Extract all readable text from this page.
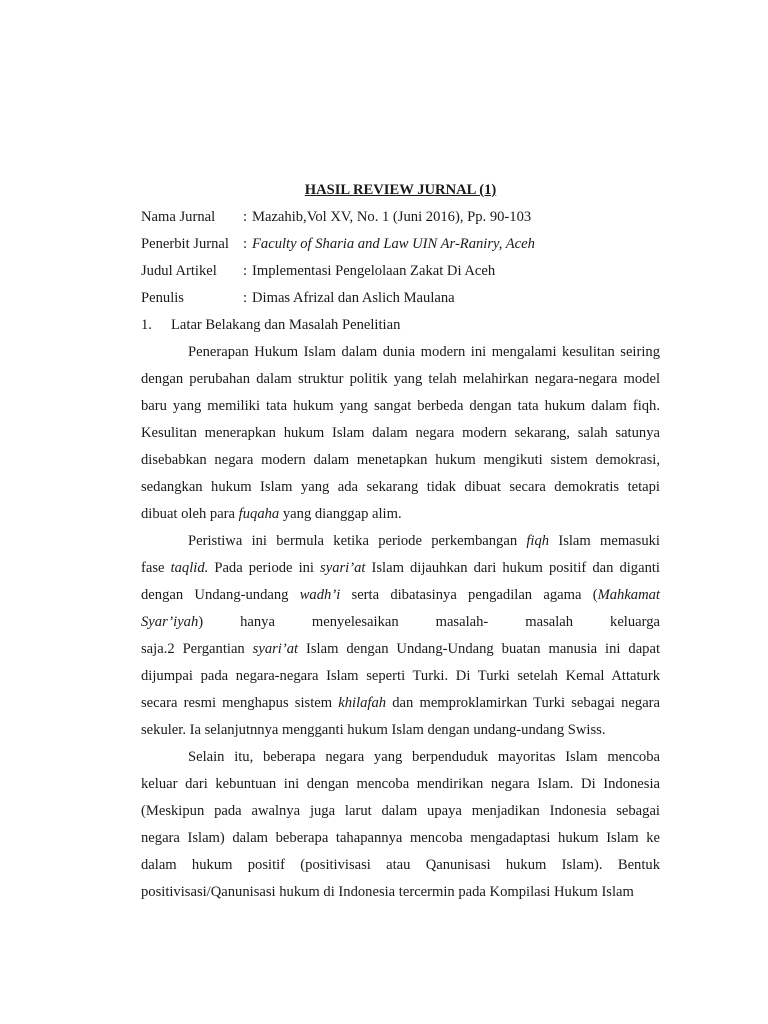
HASIL REVIEW JURNAL (1)
Nama Jurnal	: Mazahib,Vol XV, No. 1 (Juni 2016), Pp. 90-103
Penerbit Jurnal : Faculty of Sharia and Law UIN Ar-Raniry, Aceh
Judul Artikel	: Implementasi Pengelolaan Zakat Di Aceh
Penulis	: Dimas Afrizal dan Aslich Maulana
1.	Latar Belakang dan Masalah Penelitian
Penerapan Hukum Islam dalam dunia modern ini mengalami kesulitan seiring
dengan perubahan dalam struktur politik yang telah melahirkan negara-negara model
baru yang memiliki tata hukum yang sangat berbeda dengan tata hukum dalam fiqh.
Kesulitan menerapkan hukum Islam dalam negara modern sekarang, salah satunya
disebabkan negara modern dalam menetapkan hukum mengikuti sistem demokrasi,
sedangkan hukum Islam yang ada sekarang tidak dibuat secara demokratis tetapi
dibuat oleh para fuqaha yang dianggap alim.
Peristiwa ini bermula ketika periode perkembangan fiqh Islam memasuki
fase taqlid. Pada periode ini syari’at Islam dijauhkan dari hukum positif dan diganti
dengan Undang-undang wadh’i serta dibatasinya pengadilan agama (Mahkamat
Syar’iyah) hanya menyelesaikan masalah- masalah keluarga
saja.2 Pergantian syari’at Islam dengan Undang-Undang buatan manusia ini dapat
dijumpai pada negara-negara Islam seperti Turki. Di Turki setelah Kemal Attaturk
secara resmi menghapus sistem khilafah dan memproklamirkan Turki sebagai negara
sekuler. Ia selanjutnnya mengganti hukum Islam dengan undang-undang Swiss.
Selain itu, beberapa negara yang berpenduduk mayoritas Islam mencoba
keluar dari kebuntuan ini dengan mencoba mendirikan negara Islam. Di Indonesia
(Meskipun pada awalnya juga larut dalam upaya menjadikan Indonesia sebagai
negara Islam) dalam beberapa tahapannya mencoba mengadaptasi hukum Islam ke
dalam hukum positif (positivisasi atau Qanunisasi hukum Islam). Bentuk
positivisasi/Qanunisasi hukum di Indonesia tercermin pada Kompilasi Hukum Islam
